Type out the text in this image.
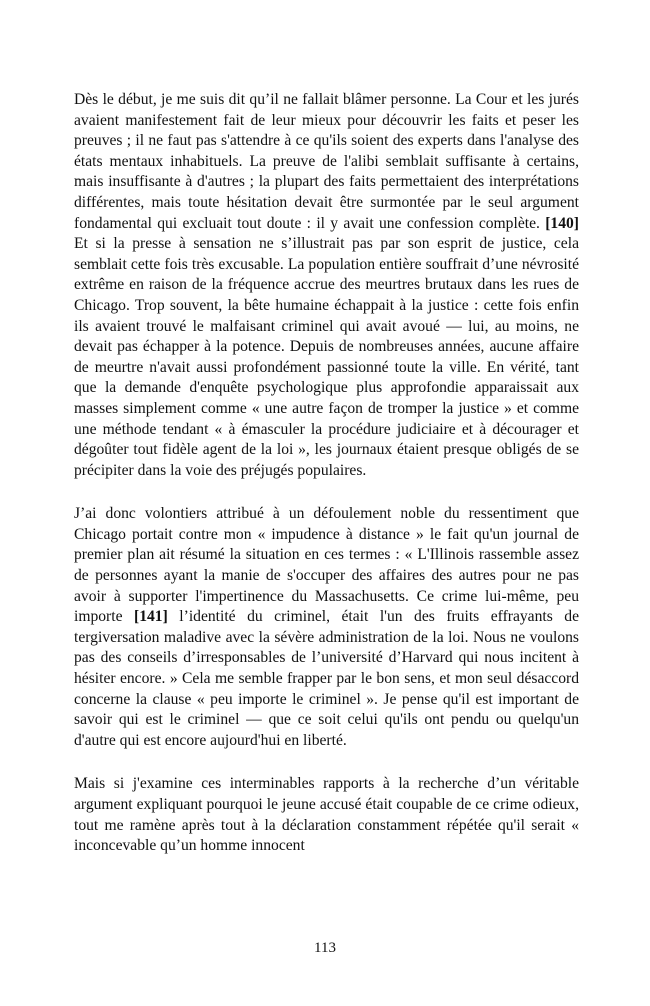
Dès le début, je me suis dit qu’il ne fallait blâmer personne. La Cour et les jurés avaient manifestement fait de leur mieux pour découvrir les faits et peser les preuves ; il ne faut pas s'attendre à ce qu'ils soient des experts dans l'analyse des états mentaux inhabituels. La preuve de l'alibi semblait suffisante à certains, mais insuffisante à d'autres ; la plupart des faits permettaient des interprétations différentes, mais toute hésitation devait être surmontée par le seul argument fondamental qui excluait tout doute : il y avait une confession complète. [140] Et si la presse à sensation ne s’illustrait pas par son esprit de justice, cela semblait cette fois très excusable. La population entière souffrait d’une névrosité extrême en raison de la fréquence accrue des meurtres brutaux dans les rues de Chicago. Trop souvent, la bête humaine échappait à la justice : cette fois enfin ils avaient trouvé le malfaisant criminel qui avait avoué — lui, au moins, ne devait pas échapper à la potence. Depuis de nombreuses années, aucune affaire de meurtre n'avait aussi profondément passionné toute la ville. En vérité, tant que la demande d'enquête psychologique plus approfondie apparaissait aux masses simplement comme « une autre façon de tromper la justice » et comme une méthode tendant « à émasculer la procédure judiciaire et à décourager et dégoûter tout fidèle agent de la loi », les journaux étaient presque obligés de se précipiter dans la voie des préjugés populaires.

J’ai donc volontiers attribué à un défoulement noble du ressentiment que Chicago portait contre mon « impudence à distance » le fait qu'un journal de premier plan ait résumé la situation en ces termes : « L'Illinois rassemble assez de personnes ayant la manie de s'occuper des affaires des autres pour ne pas avoir à supporter l'impertinence du Massachusetts. Ce crime lui-même, peu importe [141] l’identité du criminel, était l'un des fruits effrayants de tergiversation maladive avec la sévère administration de la loi. Nous ne voulons pas des conseils d’irresponsables de l’université d’Harvard qui nous incitent à hésiter encore. » Cela me semble frapper par le bon sens, et mon seul désaccord concerne la clause « peu importe le criminel ». Je pense qu'il est important de savoir qui est le criminel — que ce soit celui qu'ils ont pendu ou quelqu'un d'autre qui est encore aujourd'hui en liberté.

Mais si j'examine ces interminables rapports à la recherche d’un véritable argument expliquant pourquoi le jeune accusé était coupable de ce crime odieux, tout me ramène après tout à la déclaration constamment répétée qu'il serait « inconcevable qu’un homme innocent

113
